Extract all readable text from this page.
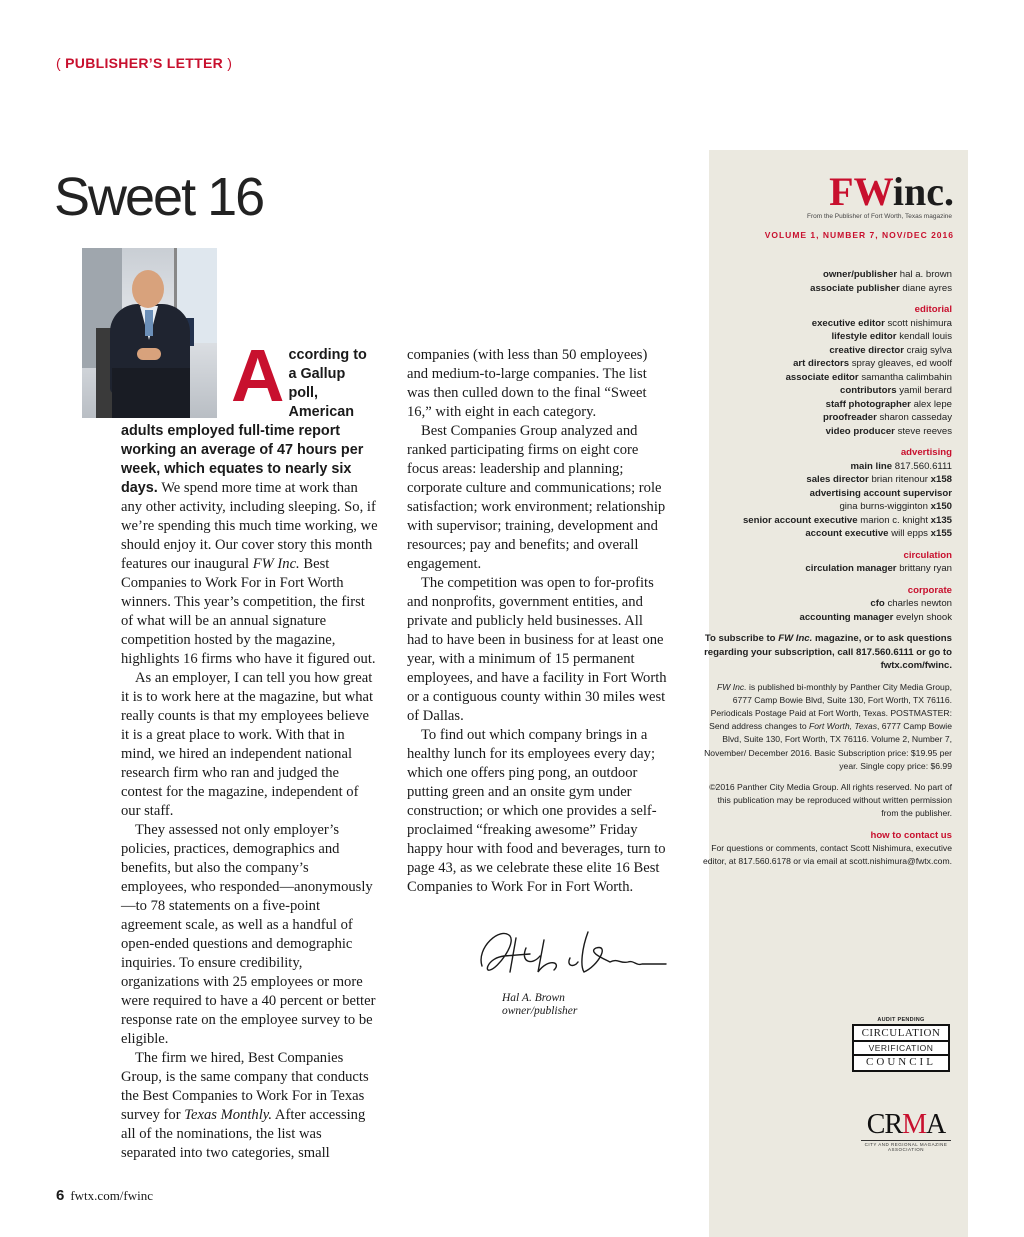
( PUBLISHER’S LETTER )
Sweet 16

According to a Gallup poll, American adults employed full-time report working an average of 47 hours per week, which equates to nearly six days. We spend more time at work than any other activity, including sleeping. So, if we’re spending this much time working, we should enjoy it. Our cover story this month features our inaugural FW Inc. Best Companies to Work For in Fort Worth winners. This year’s competition, the first of what will be an annual signature competition hosted by the magazine, highlights 16 firms who have it figured out.

As an employer, I can tell you how great it is to work here at the magazine, but what really counts is that my employees believe it is a great place to work. With that in mind, we hired an independent national research firm who ran and judged the contest for the magazine, independent of our staff.

They assessed not only employer’s policies, practices, demographics and benefits, but also the company’s employees, who responded—anonymously—to 78 statements on a five-point agreement scale, as well as a handful of open-ended questions and demographic inquiries. To ensure credibility, organizations with 25 employees or more were required to have a 40 percent or better response rate on the employee survey to be eligible.

The firm we hired, Best Companies Group, is the same company that conducts the Best Companies to Work For in Texas survey for Texas Monthly. After accessing all of the nominations, the list was separated into two categories, small

companies (with less than 50 employees) and medium-to-large companies. The list was then culled down to the final “Sweet 16,” with eight in each category.

Best Companies Group analyzed and ranked participating firms on eight core focus areas: leadership and planning; corporate culture and communications; role satisfaction; work environment; relationship with supervisor; training, development and resources; pay and benefits; and overall engagement.

The competition was open to for-profits and nonprofits, government entities, and private and publicly held businesses. All had to have been in business for at least one year, with a minimum of 15 permanent employees, and have a facility in Fort Worth or a contiguous county within 30 miles west of Dallas.

To find out which company brings in a healthy lunch for its employees every day; which one offers ping pong, an outdoor putting green and an onsite gym under construction; or which one provides a self-proclaimed “freaking awesome” Friday happy hour with food and beverages, turn to page 43, as we celebrate these elite 16 Best Companies to Work For in Fort Worth.

Hal A. Brown
owner/publisher
6 fwtx.com/fwinc
FWinc.
From the Publisher of Fort Worth, Texas magazine
VOLUME 1, NUMBER 7, NOV/DEC 2016
owner/publisher hal a. brown
associate publisher diane ayres
editorial
executive editor scott nishimura
lifestyle editor kendall louis
creative director craig sylva
art directors spray gleaves, ed woolf
associate editor samantha calimbahin
contributors yamil berard
staff photographer alex lepe
proofreader sharon casseday
video producer steve reeves
advertising
main line 817.560.6111
sales director brian ritenour x158
advertising account supervisor
gina burns-wigginton x150
senior account executive marion c. knight x135
account executive will epps x155
circulation
circulation manager brittany ryan
corporate
cfo charles newton
accounting manager evelyn shook
To subscribe to FW Inc. magazine, or to ask questions regarding your subscription, call 817.560.6111 or go to fwtx.com/fwinc.
FW Inc. is published bi-monthly by Panther City Media Group, 6777 Camp Bowie Blvd, Suite 130, Fort Worth, TX 76116. Periodicals Postage Paid at Fort Worth, Texas. POSTMASTER: Send address changes to Fort Worth, Texas, 6777 Camp Bowie Blvd, Suite 130, Fort Worth, TX 76116. Volume 2, Number 7, November/ December 2016. Basic Subscription price: $19.95 per year. Single copy price: $6.99
©2016 Panther City Media Group. All rights reserved. No part of this publication may be reproduced without written permission from the publisher.
how to contact us
For questions or comments, contact Scott Nishimura, executive editor, at 817.560.6178 or via email at scott.nishimura@fwtx.com.
AUDIT PENDING
CIRCULATION
VERIFICATION
COUNCIL
CRMA
CITY AND REGIONAL MAGAZINE ASSOCIATION
